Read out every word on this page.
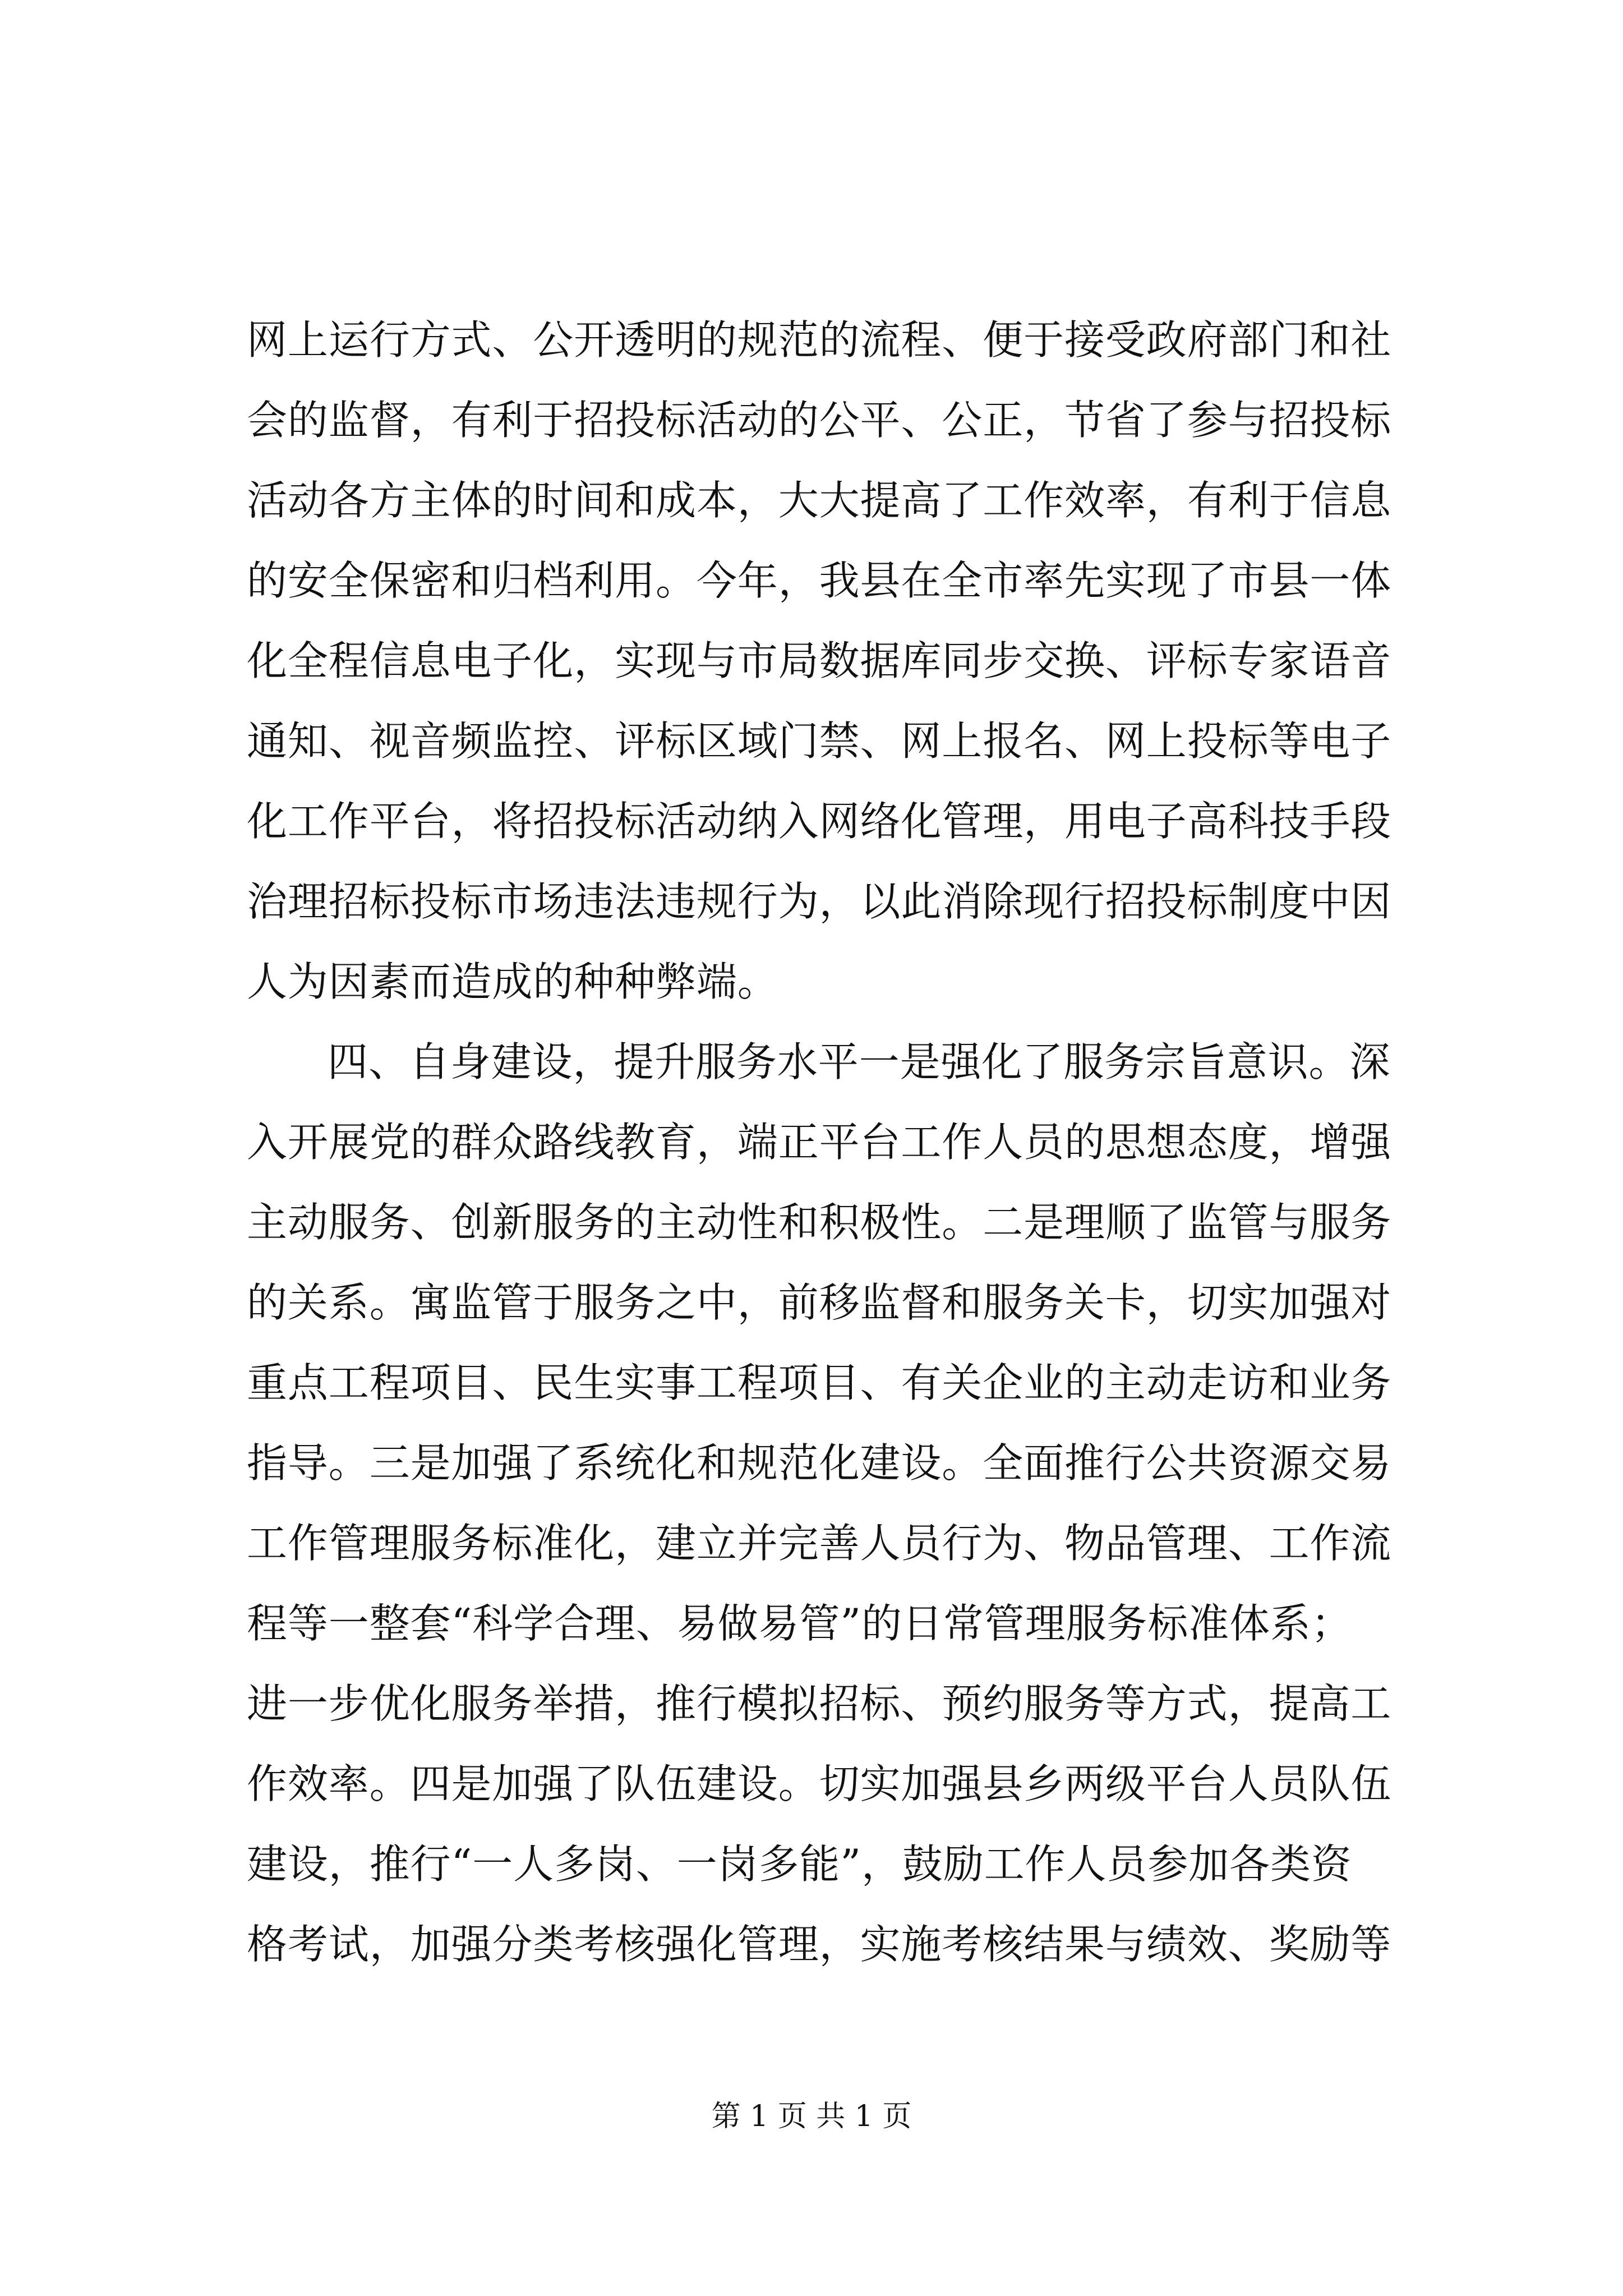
网上运行方式、公开透明的规范的流程、便于接受政府部门和社
会的监督，有利于招投标活动的公平、公正，节省了参与招投标
活动各方主体的时间和成本，大大提高了工作效率，有利于信息
的安全保密和归档利用。今年，我县在全市率先实现了市县一体
化全程信息电子化，实现与市局数据库同步交换、评标专家语音
通知、视音频监控、评标区域门禁、网上报名、网上投标等电子
化工作平台，将招投标活动纳入网络化管理，用电子高科技手段
治理招标投标市场违法违规行为，以此消除现行招投标制度中因
人为因素而造成的种种弊端。
四、自身建设，提升服务水平一是强化了服务宗旨意识。深
入开展党的群众路线教育，端正平台工作人员的思想态度，增强
主动服务、创新服务的主动性和积极性。二是理顺了监管与服务
的关系。寓监管于服务之中，前移监督和服务关卡，切实加强对
重点工程项目、民生实事工程项目、有关企业的主动走访和业务
指导。三是加强了系统化和规范化建设。全面推行公共资源交易
工作管理服务标准化，建立并完善人员行为、物品管理、工作流
程等一整套“科学合理、易做易管”的日常管理服务标准体系；
进一步优化服务举措，推行模拟招标、预约服务等方式，提高工
作效率。四是加强了队伍建设。切实加强县乡两级平台人员队伍
建设，推行“一人多岗、一岗多能”，鼓励工作人员参加各类资
格考试，加强分类考核强化管理，实施考核结果与绩效、奖励等
第 1 页 共 1 页
